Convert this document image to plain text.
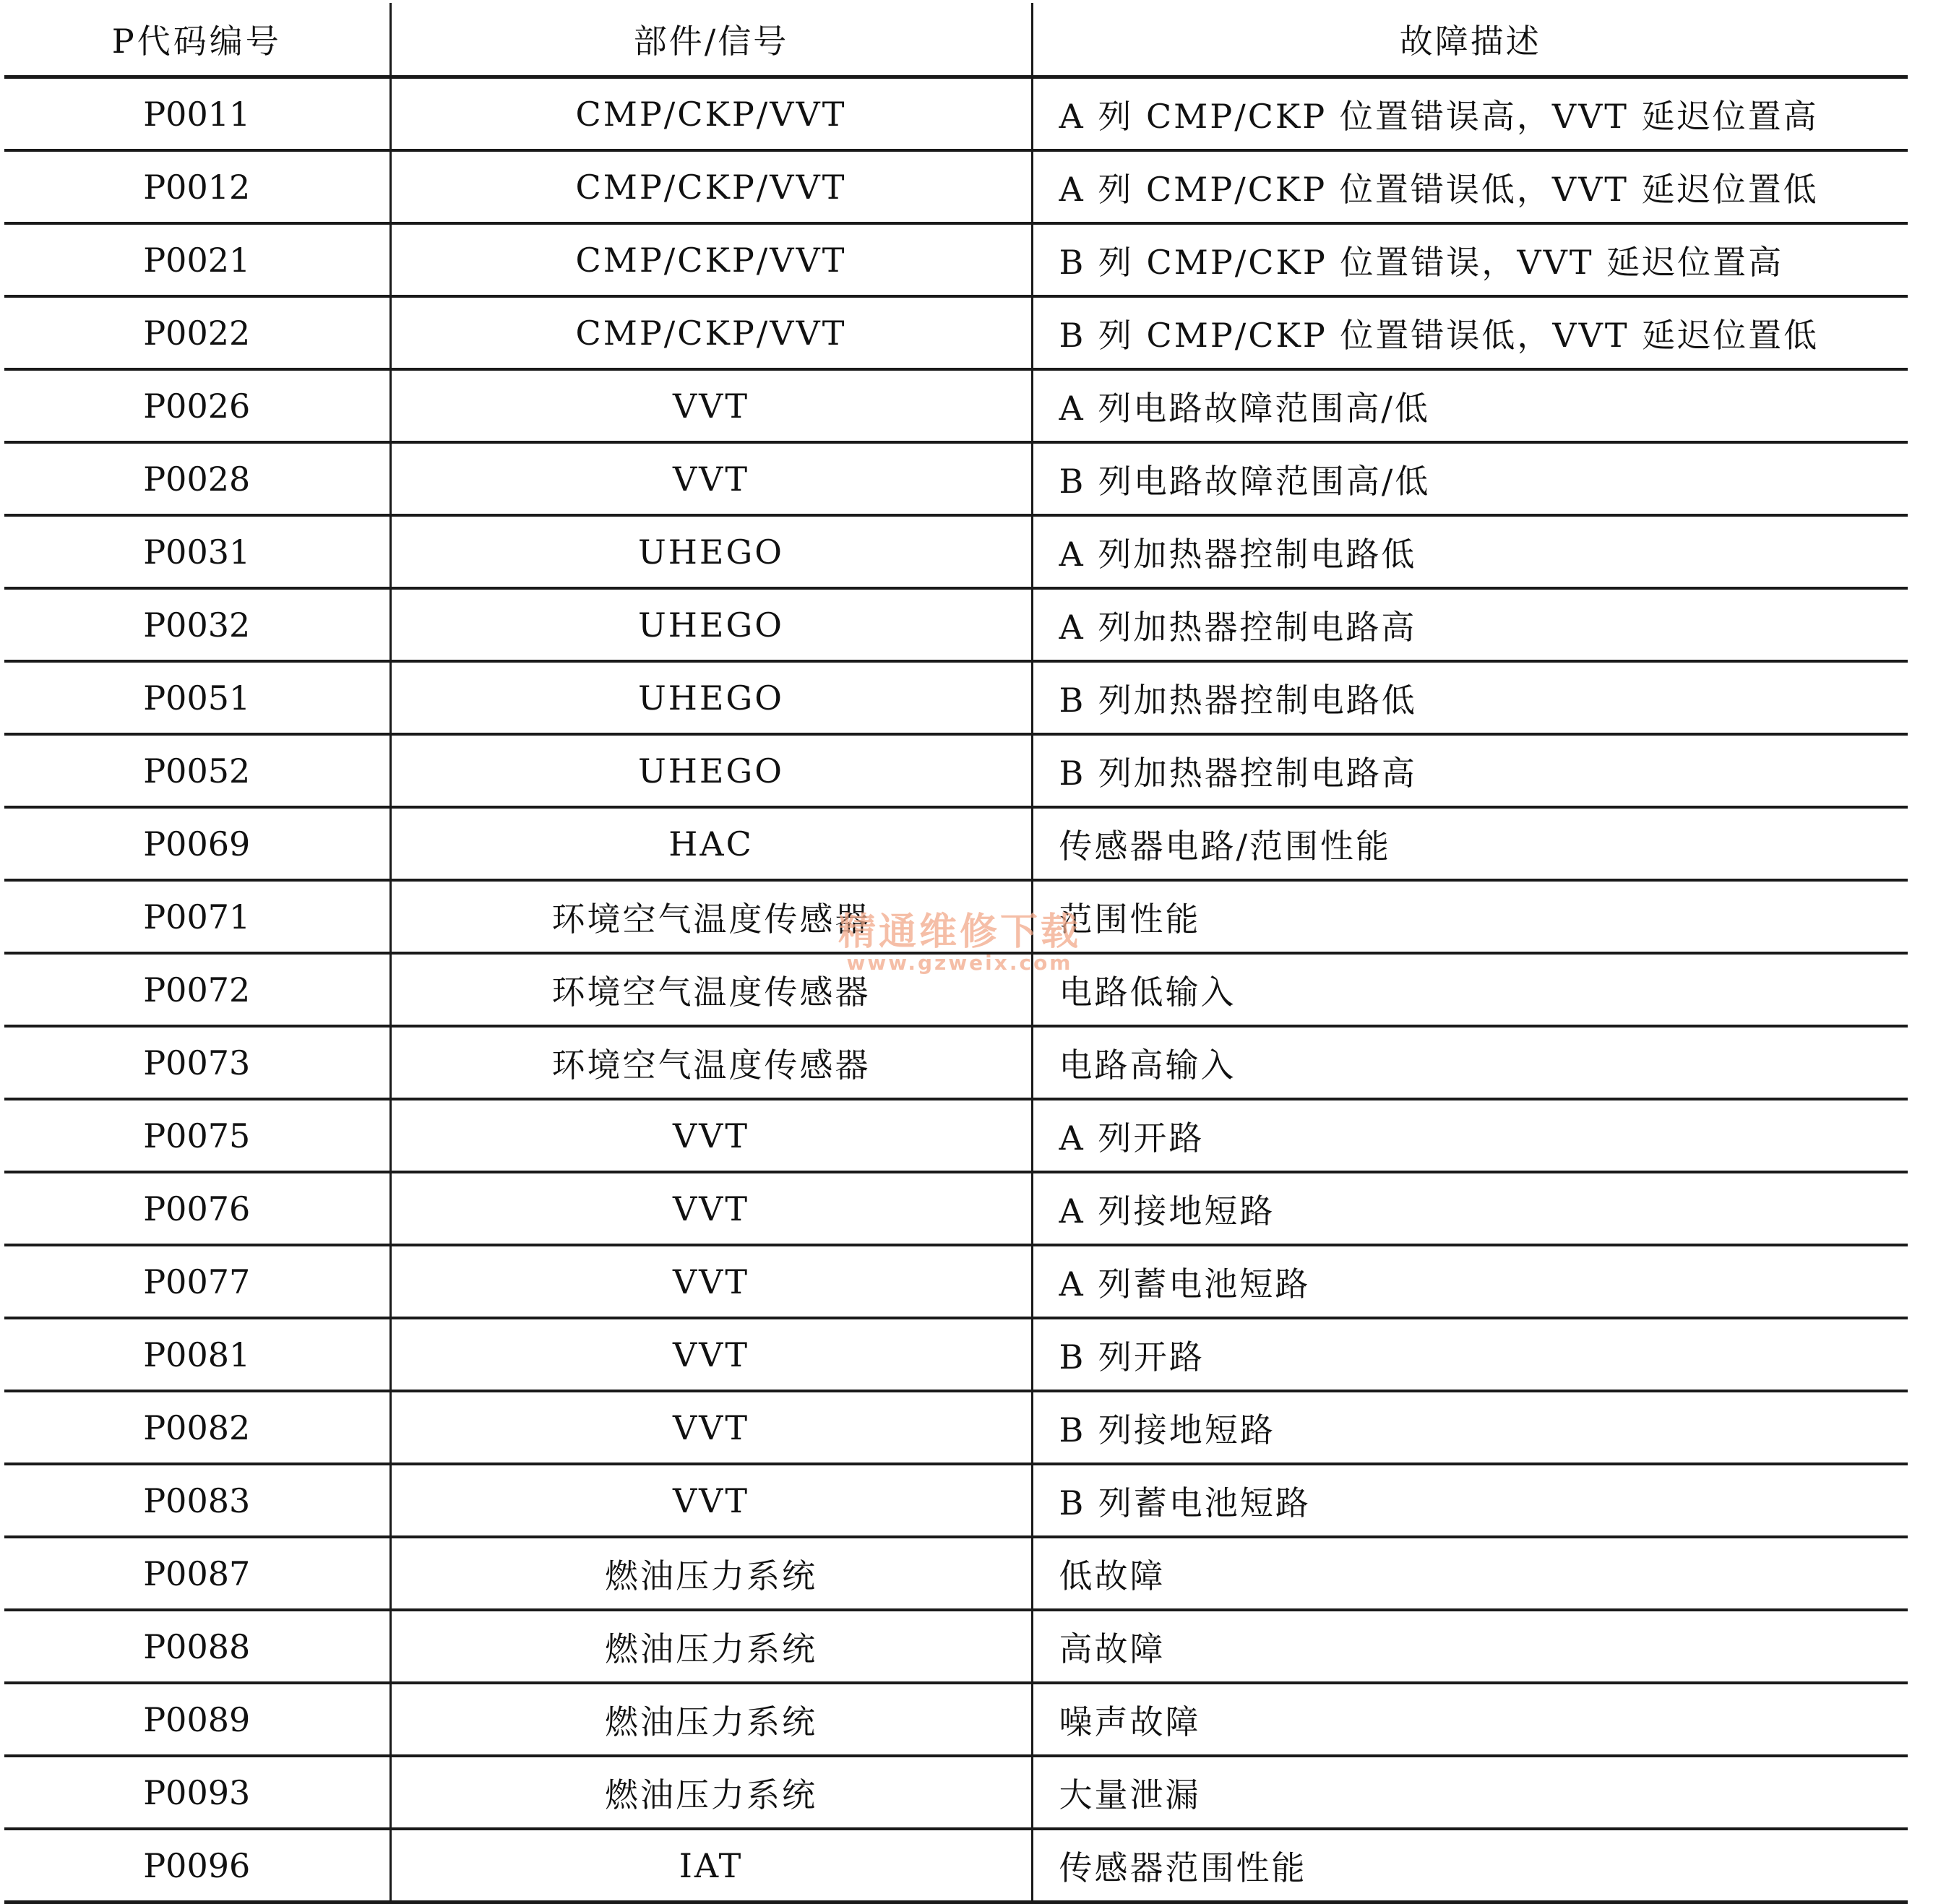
P代码编号	部件/信号	故障描述
P0011	CMP/CKP/VVT	A 列 CMP/CKP 位置错误高，VVT 延迟位置高
P0012	CMP/CKP/VVT	A 列 CMP/CKP 位置错误低，VVT 延迟位置低
P0021	CMP/CKP/VVT	B 列 CMP/CKP 位置错误，VVT 延迟位置高
P0022	CMP/CKP/VVT	B 列 CMP/CKP 位置错误低，VVT 延迟位置低
P0026	VVT	A 列电路故障范围高/低
P0028	VVT	B 列电路故障范围高/低
P0031	UHEGO	A 列加热器控制电路低
P0032	UHEGO	A 列加热器控制电路高
P0051	UHEGO	B 列加热器控制电路低
P0052	UHEGO	B 列加热器控制电路高
P0069	HAC	传感器电路/范围性能
P0071	环境空气温度传感器	范围性能
P0072	环境空气温度传感器	电路低输入
P0073	环境空气温度传感器	电路高输入
P0075	VVT	A 列开路
P0076	VVT	A 列接地短路
P0077	VVT	A 列蓄电池短路
P0081	VVT	B 列开路
P0082	VVT	B 列接地短路
P0083	VVT	B 列蓄电池短路
P0087	燃油压力系统	低故障
P0088	燃油压力系统	高故障
P0089	燃油压力系统	噪声故障
P0093	燃油压力系统	大量泄漏
P0096	IAT	传感器范围性能
精通维修下载
www.gzweix.com
